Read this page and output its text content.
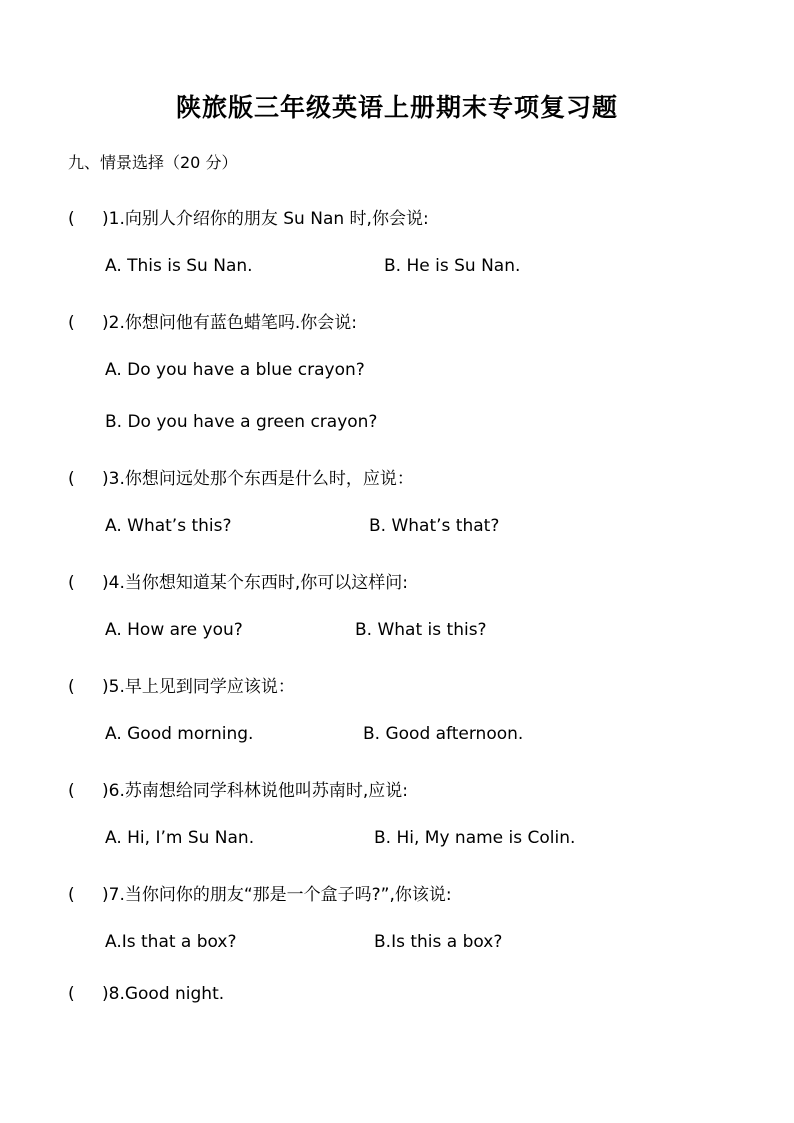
陕旅版三年级英语上册期末专项复习题
九、情景选择（20 分）
( )1.向别人介绍你的朋友 Su Nan 时,你会说:
A. This is Su Nan.	B. He is Su Nan.
( )2.你想问他有蓝色蜡笔吗.你会说:
A. Do you have a blue crayon?
B. Do you have a green crayon?
( )3.你想问远处那个东西是什么时，应说：
A. What’s this?	B. What’s that?
( )4.当你想知道某个东西时,你可以这样问:
A. How are you?	B. What is this?
( )5.早上见到同学应该说：
A. Good morning.	B. Good afternoon.
( )6.苏南想给同学科林说他叫苏南时,应说:
A. Hi, I’m Su Nan.	B. Hi, My name is Colin.
( )7.当你问你的朋友“那是一个盒子吗?”,你该说:
A.Is that a box?	B.Is this a box?
( )8.Good night.
